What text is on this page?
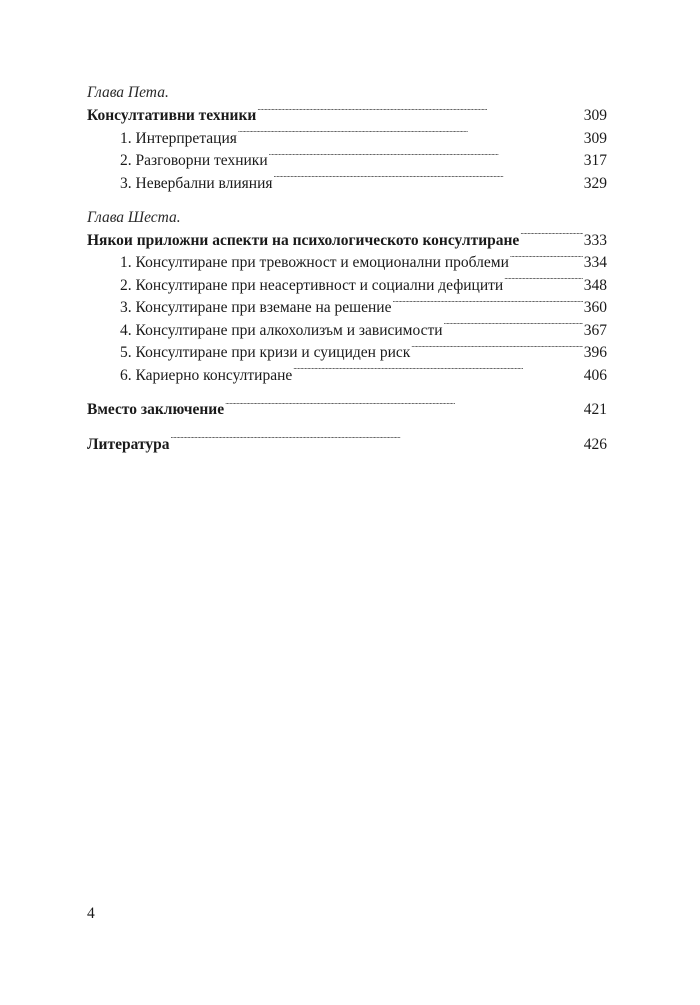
Глава Пета.
Консултативни техники . . .	309
1. Интерпретация . . .	309
2. Разговорни техники . . .	317
3. Невербални влияния . . .	329
Глава Шеста.
Някои приложни аспекти на психологическото консултиране . . .	333
1. Консултиране при тревожност и емоционални проблеми . . .	334
2. Консултиране при неасертивност и социални дефицити . . .	348
3. Консултиране при вземане на решение . . .	360
4. Консултиране при алкохолизъм и зависимости . . .	367
5. Консултиране при кризи и суициден риск . . .	396
6. Кариерно консултиране . . .	406
Вместо заключение . . .	421
Литература . . .	426
4
